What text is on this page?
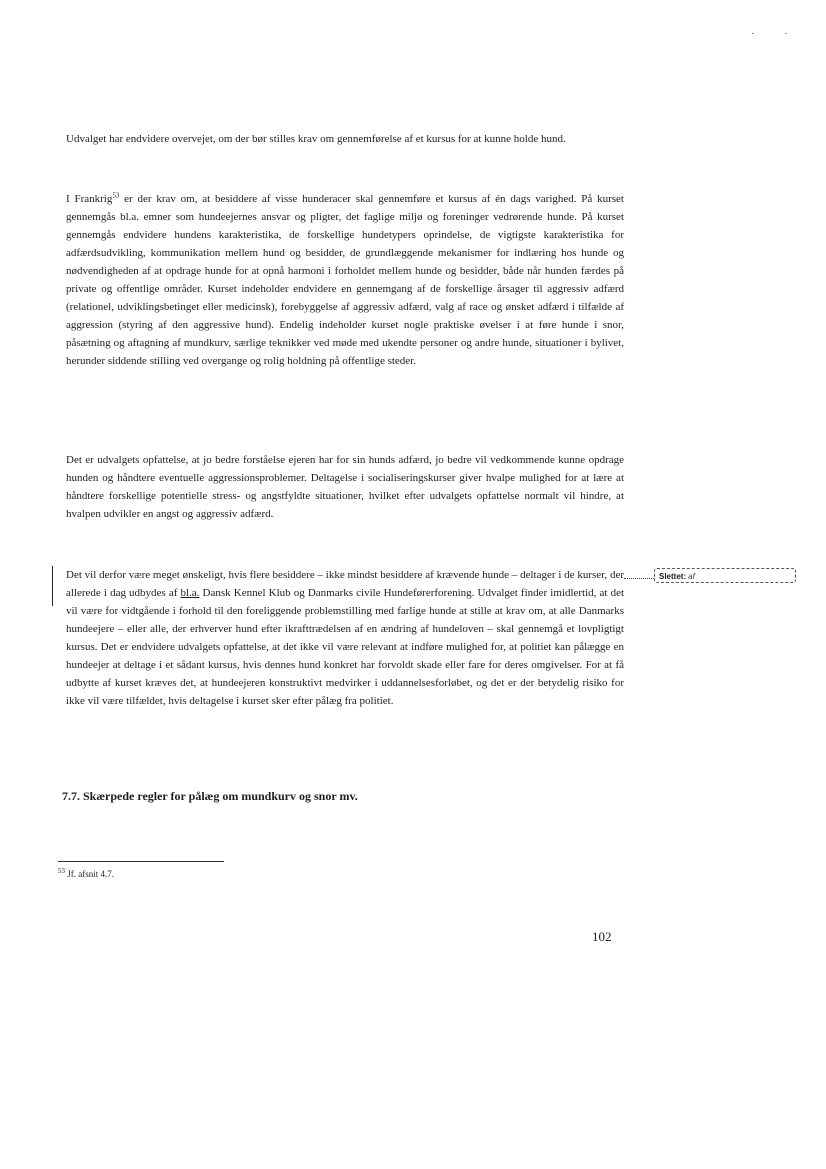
Udvalget har endvidere overvejet, om der bør stilles krav om gennemførelse af et kursus for at kunne holde hund.

I Frankrig$^{53}$ er der krav om, at besiddere af visse hunderacer skal gennemføre et kursus af én dags varighed. På kurset gennemgås bl.a. emner som hundeejernes ansvar og pligter, det faglige miljø og foreninger vedrørende hunde. På kurset gennemgås endvidere hundens karakteristika, de forskellige hundetypers oprindelse, de vigtigste karakteristika for adfærdsudvikling, kommunikation mellem hund og besidder, de grundlæggende mekanismer for indlæring hos hunde og nødvendigheden af at opdrage hunde for at opnå harmoni i forholdet mellem hunde og besidder, både når hunden færdes på private og offentlige områder. Kurset indeholder endvidere en gennemgang af de forskellige årsager til aggressiv adfærd (relationel, udviklingsbetinget eller medicinsk), forebyggelse af aggressiv adfærd, valg af race og ønsket adfærd i tilfælde af aggression (styring af den aggressive hund). Endelig indeholder kurset nogle praktiske øvelser i at føre hunde i snor, påsætning og aftagning af mundkurv, særlige teknikker ved møde med ukendte personer og andre hunde, situationer i bylivet, herunder siddende stilling ved overgange og rolig holdning på offentlige steder.

Det er udvalgets opfattelse, at jo bedre forståelse ejeren har for sin hunds adfærd, jo bedre vil vedkommende kunne opdrage hunden og håndtere eventuelle aggressionsproblemer. Deltagelse i socialiseringskurser giver hvalpe mulighed for at lære at håndtere forskellige potentielle stress- og angstfyldte situationer, hvilket efter udvalgets opfattelse normalt vil hindre, at hvalpen udvikler en angst og aggressiv adfærd.

Det vil derfor være meget ønskeligt, hvis flere besiddere – ikke mindst besiddere af krævende hunde – deltager i de kurser, der allerede i dag udbydes af bl.a. Dansk Kennel Klub og Danmarks civile Hundeførerforening. Udvalget finder imidlertid, at det vil være for vidtgående i forhold til den foreliggende problemstilling med farlige hunde at stille at krav om, at alle Danmarks hundeejere – eller alle, der erhverver hund efter ikrafttrædelsen af en ændring af hundeloven – skal gennemgå et lovpligtigt kursus. Det er endvidere udvalgets opfattelse, at det ikke vil være relevant at indføre mulighed for, at politiet kan pålægge en hundeejer at deltage i et sådant kursus, hvis dennes hund konkret har forvoldt skade eller fare for deres omgivelser. For at få udbytte af kurset kræves det, at hundeejeren konstruktivt medvirker i uddannelsesforløbet, og det er der betydelig risiko for ikke vil være tilfældet, hvis deltagelse i kurset sker efter pålæg fra politiet.

Slettet: af
7.7. Skærpede regler for pålæg om mundkurv og snor mv.

$^{53}$ Jf. afsnit 4.7.

102
